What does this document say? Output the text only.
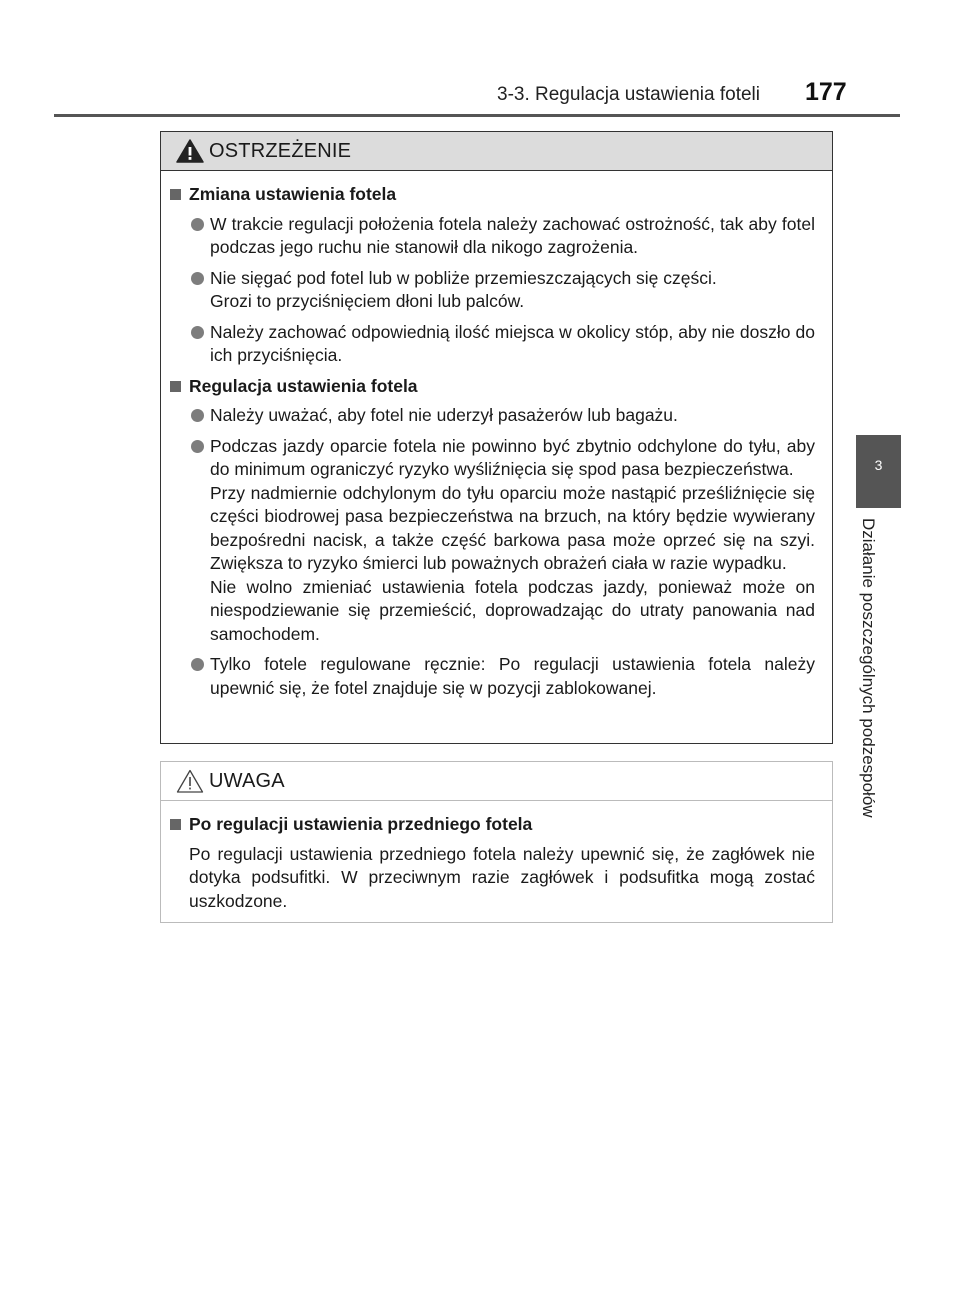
3-3. Regulacja ustawienia foteli 177
3
Działanie poszczególnych podzespołów
OSTRZEŻENIE
Zmiana ustawienia fotela
W trakcie regulacji położenia fotela należy zachować ostrożność, tak aby fotel podczas jego ruchu nie stanowił dla nikogo zagrożenia.
Nie sięgać pod fotel lub w pobliże przemieszczających się części.
Grozi to przyciśnięciem dłoni lub palców.
Należy zachować odpowiednią ilość miejsca w okolicy stóp, aby nie doszło do ich przyciśnięcia.
Regulacja ustawienia fotela
Należy uważać, aby fotel nie uderzył pasażerów lub bagażu.
Podczas jazdy oparcie fotela nie powinno być zbytnio odchylone do tyłu, aby do minimum ograniczyć ryzyko wyśliźnięcia się spod pasa bezpieczeństwa.
Przy nadmiernie odchylonym do tyłu oparciu może nastąpić prześliźnięcie się części biodrowej pasa bezpieczeństwa na brzuch, na który będzie wywierany bezpośredni nacisk, a także część barkowa pasa może oprzeć się na szyi. Zwiększa to ryzyko śmierci lub poważnych obrażeń ciała w razie wypadku.
Nie wolno zmieniać ustawienia fotela podczas jazdy, ponieważ może on niespodziewanie się przemieścić, doprowadzając do utraty panowania nad samochodem.
Tylko fotele regulowane ręcznie: Po regulacji ustawienia fotela należy upewnić się, że fotel znajduje się w pozycji zablokowanej.
UWAGA
Po regulacji ustawienia przedniego fotela
Po regulacji ustawienia przedniego fotela należy upewnić się, że zagłówek nie dotyka podsufitki. W przeciwnym razie zagłówek i podsufitka mogą zostać uszkodzone.
